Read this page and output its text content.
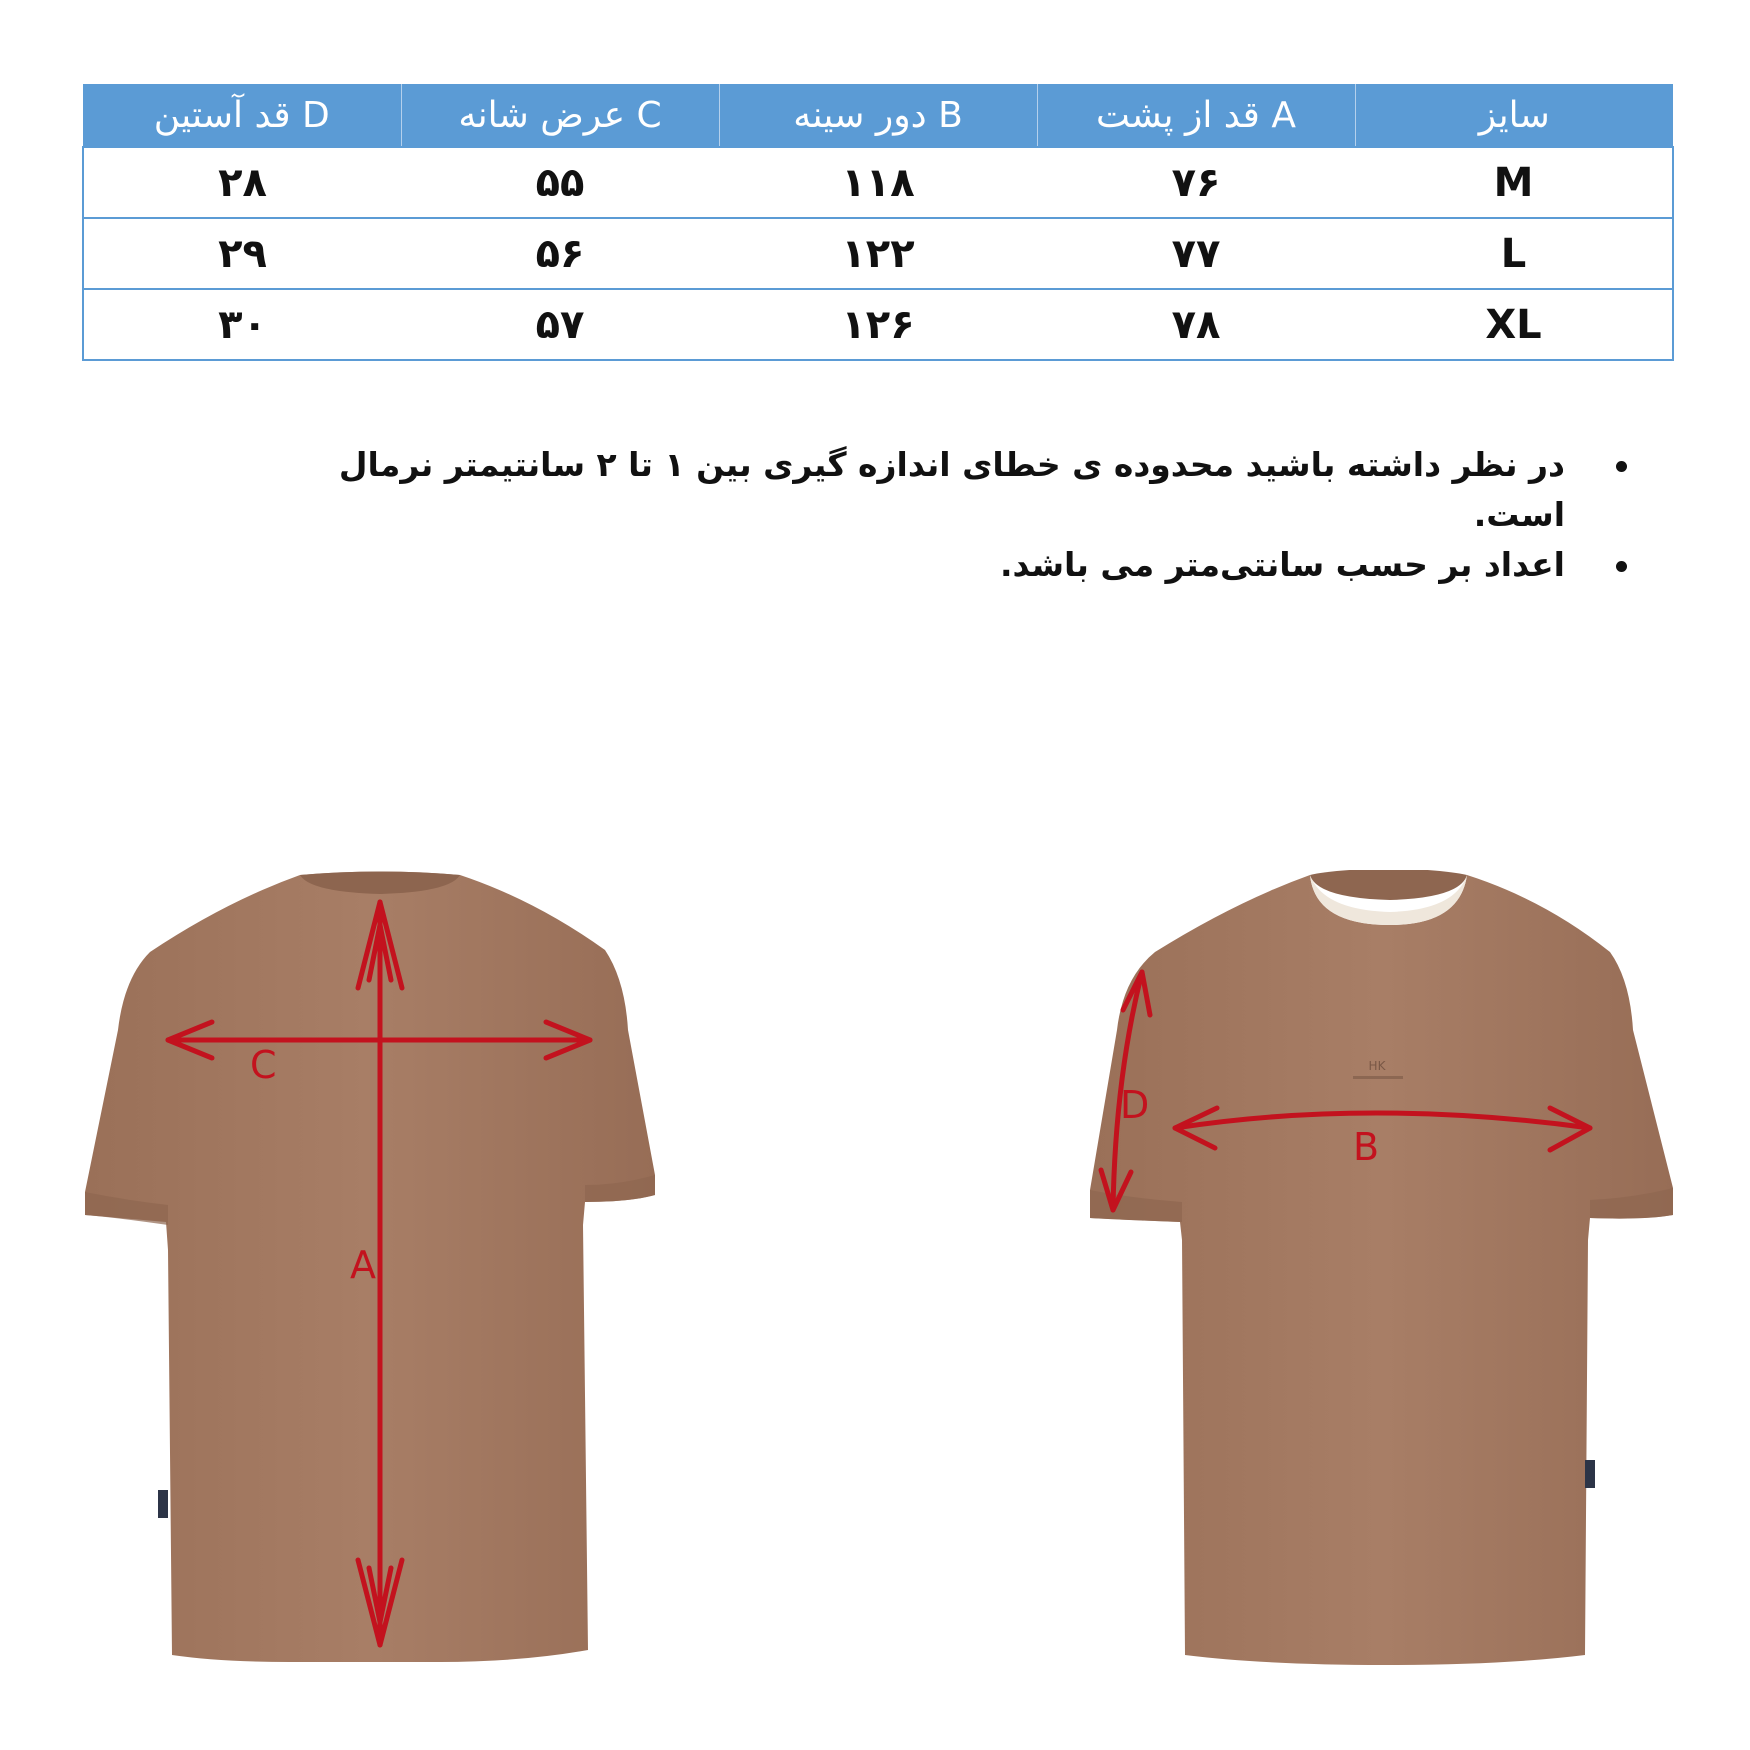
قد آستین D	عرض شانه C	دور سینه B	قد از پشت A	سایز
۲۸	۵۵	۱۱۸	۷۶	M
۲۹	۵۶	۱۲۲	۷۷	L
۳۰	۵۷	۱۲۶	۷۸	XL
در نظر داشته باشید محدوده ی خطای اندازه گیری بین ۱ تا ۲ سانتیمتر نرمال است.
اعداد بر حسب سانتی‌متر می باشد.
A
C	HK
B
D
